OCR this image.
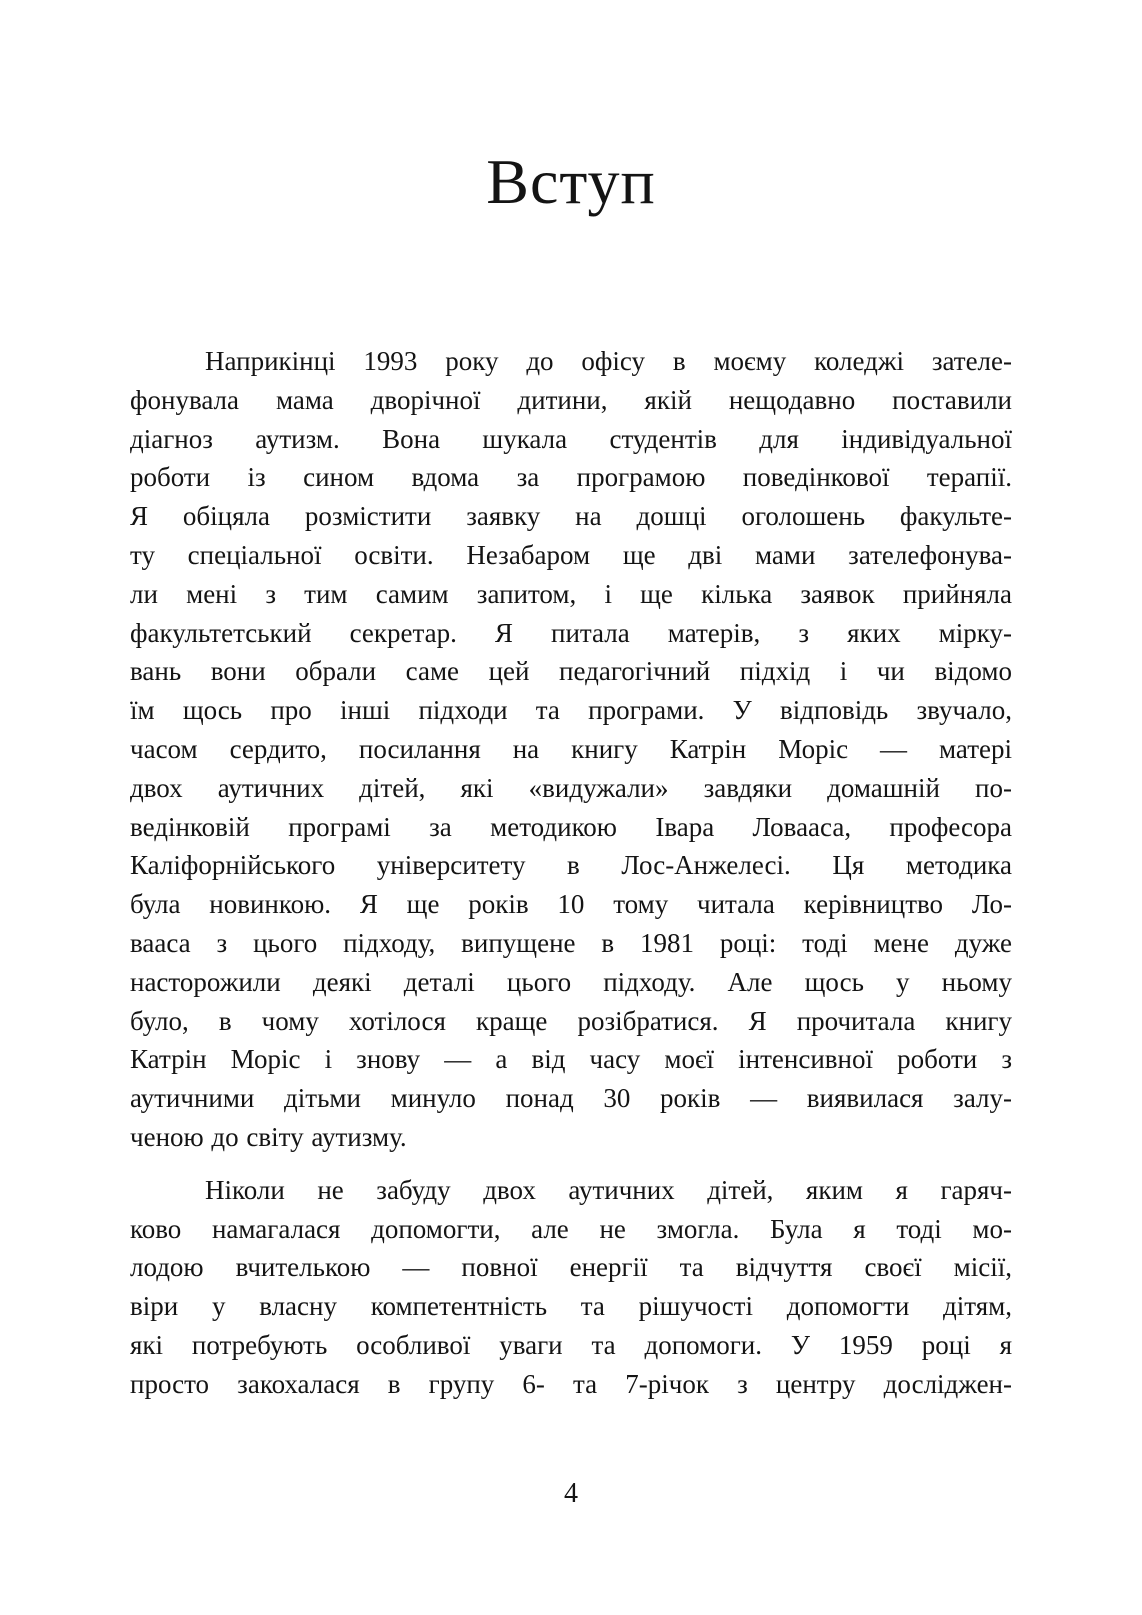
Вступ
Наприкінці 1993 року до офісу в моєму коледжі зателе-
фонувала мама дворічної дитини, якій нещодавно поставили
діагноз аутизм. Вона шукала студентів для індивідуальної
роботи із сином вдома за програмою поведінкової терапії.
Я обіцяла розмістити заявку на дошці оголошень факульте-
ту спеціальної освіти. Незабаром ще дві мами зателефонува-
ли мені з тим самим запитом, і ще кілька заявок прийняла
факультетський секретар. Я питала матерів, з яких мірку-
вань вони обрали саме цей педагогічний підхід і чи відомо
їм щось про інші підходи та програми. У відповідь звучало,
часом сердито, посилання на книгу Катрін Моріс — матері
двох аутичних дітей, які «видужали» завдяки домашній по-
ведінковій програмі за методикою Івара Ловааса, професора
Каліфорнійського університету в Лос-Анжелесі. Ця методика
була новинкою. Я ще років 10 тому читала керівництво Ло-
вааса з цього підходу, випущене в 1981 році: тоді мене дуже
насторожили деякі деталі цього підходу. Але щось у ньому
було, в чому хотілося краще розібратися. Я прочитала книгу
Катрін Моріс і знову — а від часу моєї інтенсивної роботи з
аутичними дітьми минуло понад 30 років — виявилася залу-
ченою до світу аутизму.
Ніколи не забуду двох аутичних дітей, яким я гаряч-
ково намагалася допомогти, але не змогла. Була я тоді мо-
лодою вчителькою — повної енергії та відчуття своєї місії,
віри у власну компетентність та рішучості допомогти дітям,
які потребують особливої уваги та допомоги. У 1959 році я
просто закохалася в групу 6- та 7-річок з центру досліджен-
4
